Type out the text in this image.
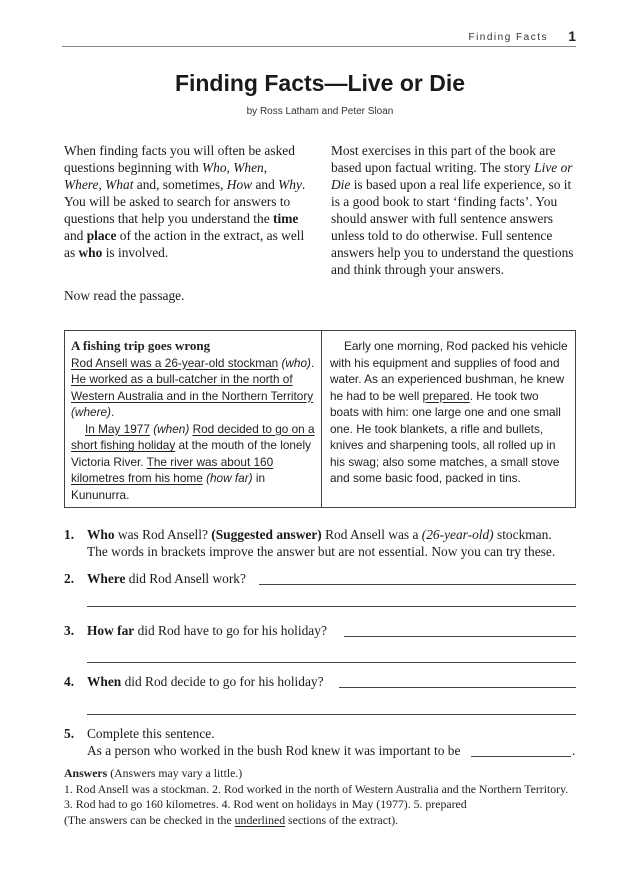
Finding Facts 1
Finding Facts—Live or Die
by Ross Latham and Peter Sloan
When finding facts you will often be asked questions beginning with Who, When, Where, What and, sometimes, How and Why. You will be asked to search for answers to questions that help you understand the time and place of the action in the extract, as well as who is involved.
Most exercises in this part of the book are based upon factual writing. The story Live or Die is based upon a real life experience, so it is a good book to start ‘finding facts’. You should answer with full sentence answers unless told to do otherwise. Full sentence answers help you to understand the questions and think through your answers.
Now read the passage.
A fishing trip goes wrong
Rod Ansell was a 26-year-old stockman (who). He worked as a bull-catcher in the north of Western Australia and in the Northern Territory (where).
In May 1977 (when) Rod decided to go on a short fishing holiday at the mouth of the lonely Victoria River. The river was about 160 kilometres from his home (how far) in Kununurra.
Early one morning, Rod packed his vehicle with his equipment and supplies of food and water. As an experienced bushman, he knew he had to be well prepared. He took two boats with him: one large one and one small one. He took blankets, a rifle and bullets, knives and sharpening tools, all rolled up in his swag; also some matches, a small stove and some basic food, packed in tins.
1. Who was Rod Ansell? (Suggested answer) Rod Ansell was a (26-year-old) stockman.
The words in brackets improve the answer but are not essential. Now you can try these.
2. Where did Rod Ansell work?
3. How far did Rod have to go for his holiday?
4. When did Rod decide to go for his holiday?
5. Complete this sentence.
As a person who worked in the bush Rod knew it was important to be	.
Answers (Answers may vary a little.)
1. Rod Ansell was a stockman. 2. Rod worked in the north of Western Australia and the Northern Territory. 3. Rod had to go 160 kilometres. 4. Rod went on holidays in May (1977). 5. prepared
(The answers can be checked in the underlined sections of the extract).
